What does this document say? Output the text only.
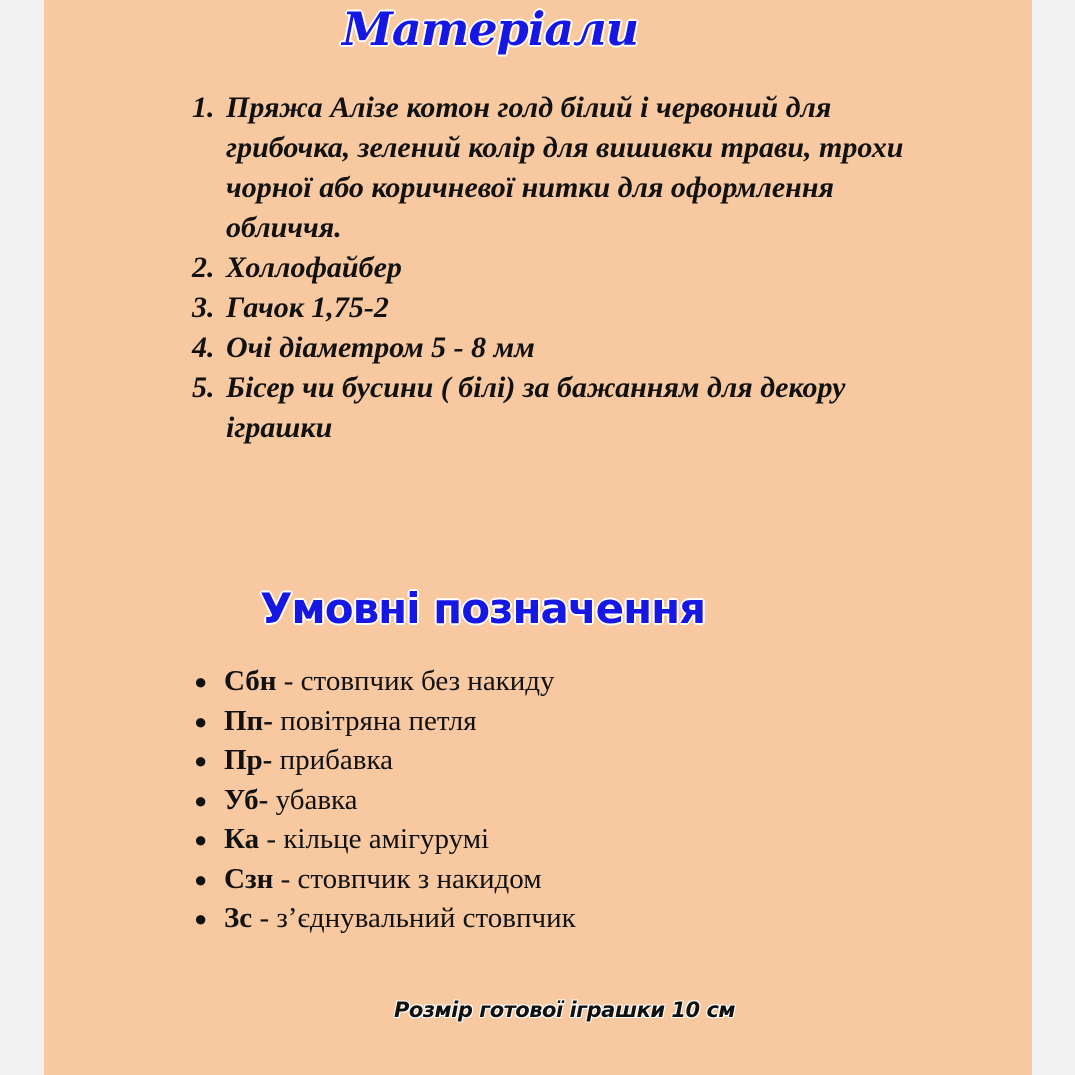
Матеріали
1. Пряжа Алізе котон голд білий і червоний для грибочка, зелений колір для вишивки трави, трохи чорної або коричневої нитки для оформлення обличчя.
2. Холлофайбер
3. Гачок 1,75-2
4. Очі діаметром 5 - 8 мм
5. Бісер чи бусини ( білі) за бажанням для декору іграшки
Умовні позначення
● Сбн - стовпчик без накиду
● Пп- повітряна петля
● Пр- прибавка
● Уб- убавка
● Ка - кільце амігурумі
● Сзн - стовпчик з накидом
● Зс - з’єднувальний стовпчик
Розмір готової іграшки 10 см
